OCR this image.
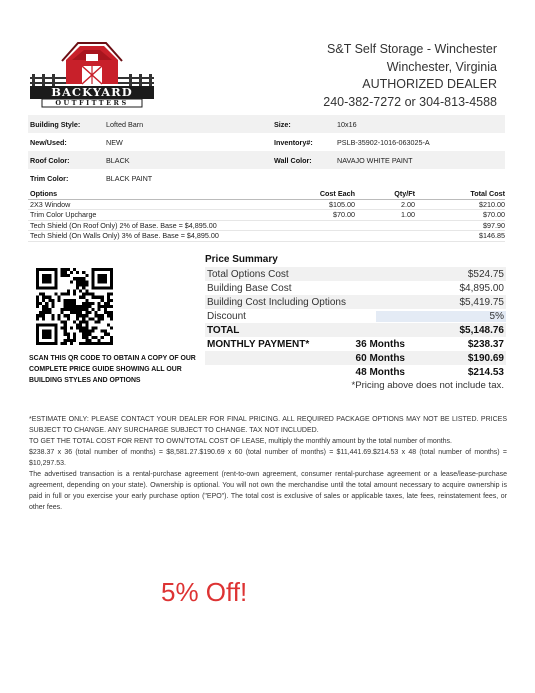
BACKYARD
OUTFITTERS
S&T Self Storage - Winchester
Winchester, Virginia
AUTHORIZED DEALER
240-382-7272 or 304-813-4588
Building Style:	Lofted Barn	Size:	10x16
New/Used:	NEW	Inventory#:	PSLB-35902-1016-063025-A
Roof Color:	BLACK	Wall Color:	NAVAJO WHITE PAINT
Trim Color:	BLACK PAINT
Options	Cost Each	Qty/Ft	Total Cost
2X3 Window	$105.00	2.00	$210.00
Trim Color Upcharge	$70.00	1.00	$70.00
Tech Shield (On Roof Only) 2% of Base. Base = $4,895.00	$97.90
Tech Shield (On Walls Only) 3% of Base. Base = $4,895.00	$146.85
SCAN THIS QR CODE TO OBTAIN A COPY OF OUR COMPLETE PRICE GUIDE SHOWING ALL OUR BUILDING STYLES AND OPTIONS
Price Summary
Total Options Cost	$524.75
Building Base Cost	$4,895.00
Building Cost Including Options	$5,419.75
Discount	5%
TOTAL	$5,148.76
MONTHLY PAYMENT*	36 Months	$238.37
60 Months	$190.69
48 Months	$214.53
*Pricing above does not include tax.

*ESTIMATE ONLY: PLEASE CONTACT YOUR DEALER FOR FINAL PRICING. ALL REQUIRED PACKAGE OPTIONS MAY NOT BE LISTED. PRICES SUBJECT TO CHANGE. ANY SURCHARGE SUBJECT TO CHANGE. TAX NOT INCLUDED.

TO GET THE TOTAL COST FOR RENT TO OWN/TOTAL COST OF LEASE, multiply the monthly amount by the total number of months.

$238.37 x 36 (total number of months) = $8,581.27.$190.69 x 60 (total number of months) = $11,441.69.$214.53 x 48 (total number of months) = $10,297.53.

The advertised transaction is a rental-purchase agreement (rent-to-own agreement, consumer rental-purchase agreement or a lease/lease-purchase agreement, depending on your state). Ownership is optional. You will not own the merchandise until the total amount necessary to acquire ownership is paid in full or you exercise your early purchase option ("EPO"). The total cost is exclusive of sales or applicable taxes, late fees, reinstatement fees, or other fees.

5% Off!
